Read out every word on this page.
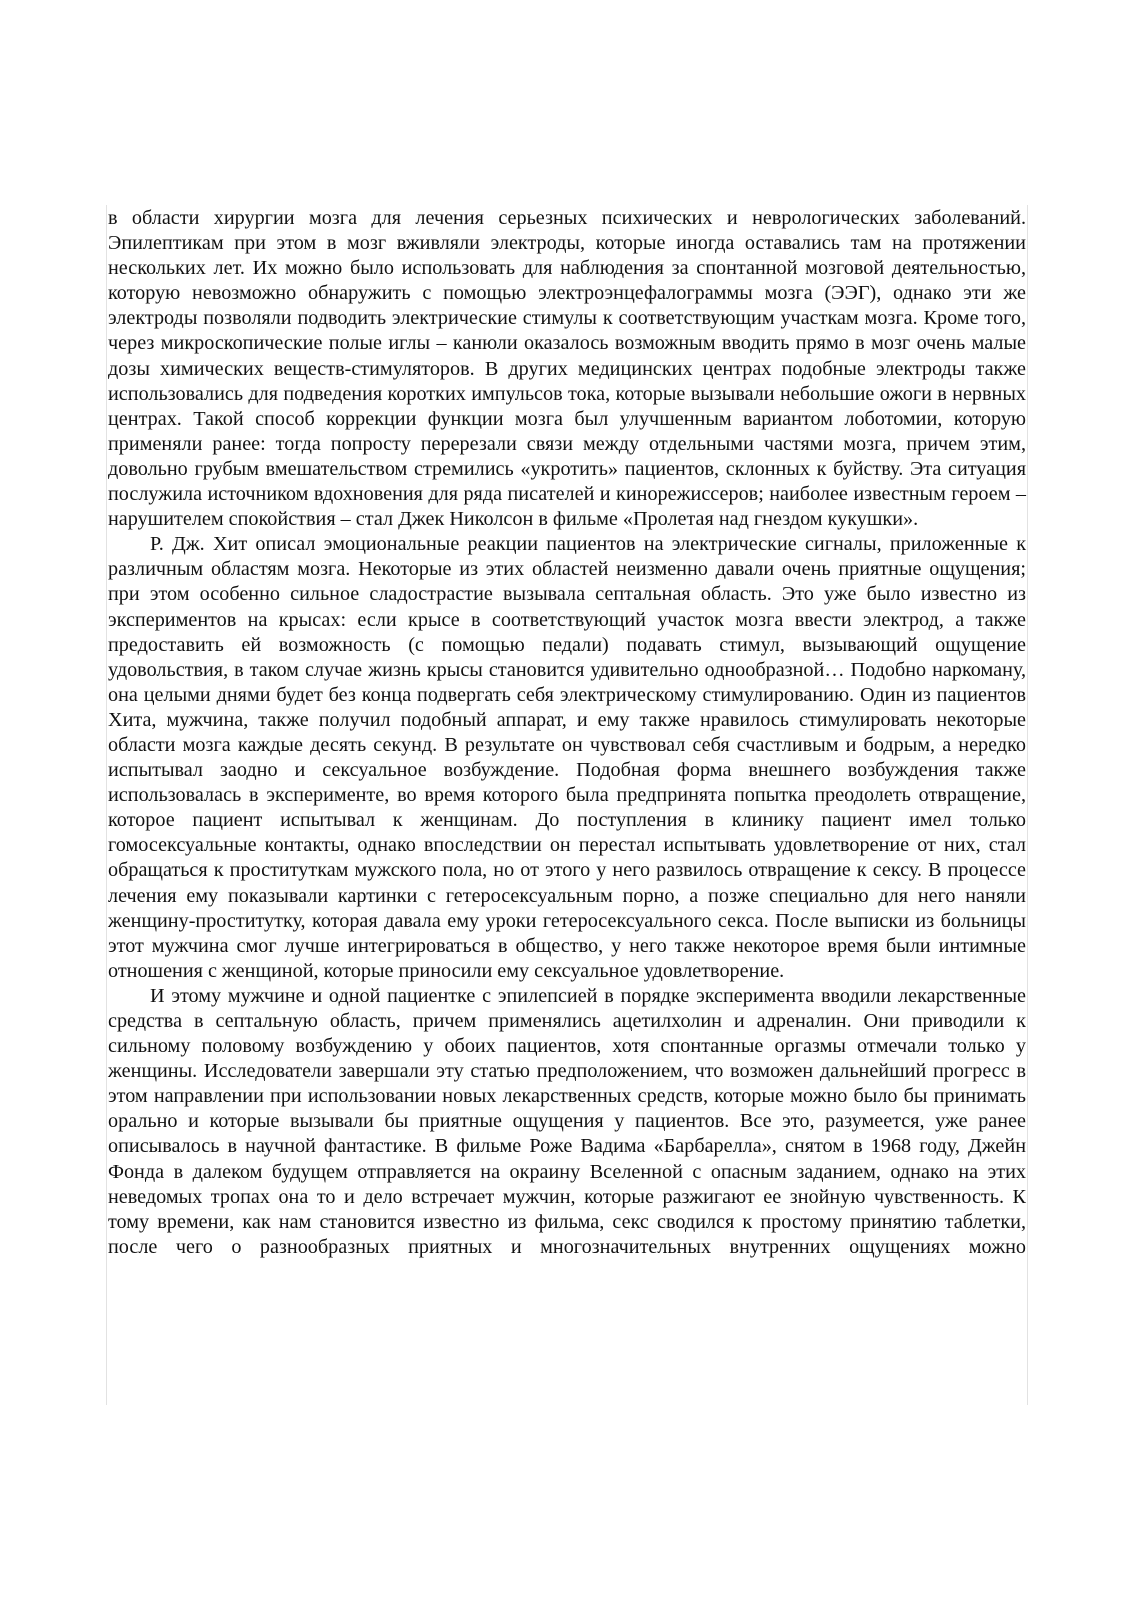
в области хирургии мозга для лечения серьезных психических и неврологических заболеваний. Эпилептикам при этом в мозг вживляли электроды, которые иногда оставались там на протяжении нескольких лет. Их можно было использовать для наблюдения за спонтанной мозговой деятельностью, которую невозможно обнаружить с помощью электроэнцефалограммы мозга (ЭЭГ), однако эти же электроды позволяли подводить электрические стимулы к соответствующим участкам мозга. Кроме того, через микроскопические полые иглы – канюли оказалось возможным вводить прямо в мозг очень малые дозы химических веществ-стимуляторов. В других медицинских центрах подобные электроды также использовались для подведения коротких импульсов тока, которые вызывали небольшие ожоги в нервных центрах. Такой способ коррекции функции мозга был улучшенным вариантом лоботомии, которую применяли ранее: тогда попросту перерезали связи между отдельными частями мозга, причем этим, довольно грубым вмешательством стремились «укротить» пациентов, склонных к буйству. Эта ситуация послужила источником вдохновения для ряда писателей и кинорежиссеров; наиболее известным героем – нарушителем спокойствия – стал Джек Николсон в фильме «Пролетая над гнездом кукушки».

Р. Дж. Хит описал эмоциональные реакции пациентов на электрические сигналы, приложенные к различным областям мозга. Некоторые из этих областей неизменно давали очень приятные ощущения; при этом особенно сильное сладострастие вызывала септальная область. Это уже было известно из экспериментов на крысах: если крысе в соответствующий участок мозга ввести электрод, а также предоставить ей возможность (с помощью педали) подавать стимул, вызывающий ощущение удовольствия, в таком случае жизнь крысы становится удивительно однообразной… Подобно наркоману, она целыми днями будет без конца подвергать себя электрическому стимулированию. Один из пациентов Хита, мужчина, также получил подобный аппарат, и ему также нравилось стимулировать некоторые области мозга каждые десять секунд. В результате он чувствовал себя счастливым и бодрым, а нередко испытывал заодно и сексуальное возбуждение. Подобная форма внешнего возбуждения также использовалась в эксперименте, во время которого была предпринята попытка преодолеть отвращение, которое пациент испытывал к женщинам. До поступления в клинику пациент имел только гомосексуальные контакты, однако впоследствии он перестал испытывать удовлетворение от них, стал обращаться к проституткам мужского пола, но от этого у него развилось отвращение к сексу. В процессе лечения ему показывали картинки с гетеросексуальным порно, а позже специально для него наняли женщину-проститутку, которая давала ему уроки гетеросексуального секса. После выписки из больницы этот мужчина смог лучше интегрироваться в общество, у него также некоторое время были интимные отношения с женщиной, которые приносили ему сексуальное удовлетворение.

И этому мужчине и одной пациентке с эпилепсией в порядке эксперимента вводили лекарственные средства в септальную область, причем применялись ацетилхолин и адреналин. Они приводили к сильному половому возбуждению у обоих пациентов, хотя спонтанные оргазмы отмечали только у женщины. Исследователи завершали эту статью предположением, что возможен дальнейший прогресс в этом направлении при использовании новых лекарственных средств, которые можно было бы принимать орально и которые вызывали бы приятные ощущения у пациентов. Все это, разумеется, уже ранее описывалось в научной фантастике. В фильме Роже Вадима «Барбарелла», снятом в 1968 году, Джейн Фонда в далеком будущем отправляется на окраину Вселенной с опасным заданием, однако на этих неведомых тропах она то и дело встречает мужчин, которые разжигают ее знойную чувственность. К тому времени, как нам становится известно из фильма, секс сводился к простому принятию таблетки, после чего о разнообразных приятных и многозначительных внутренних ощущениях можно
